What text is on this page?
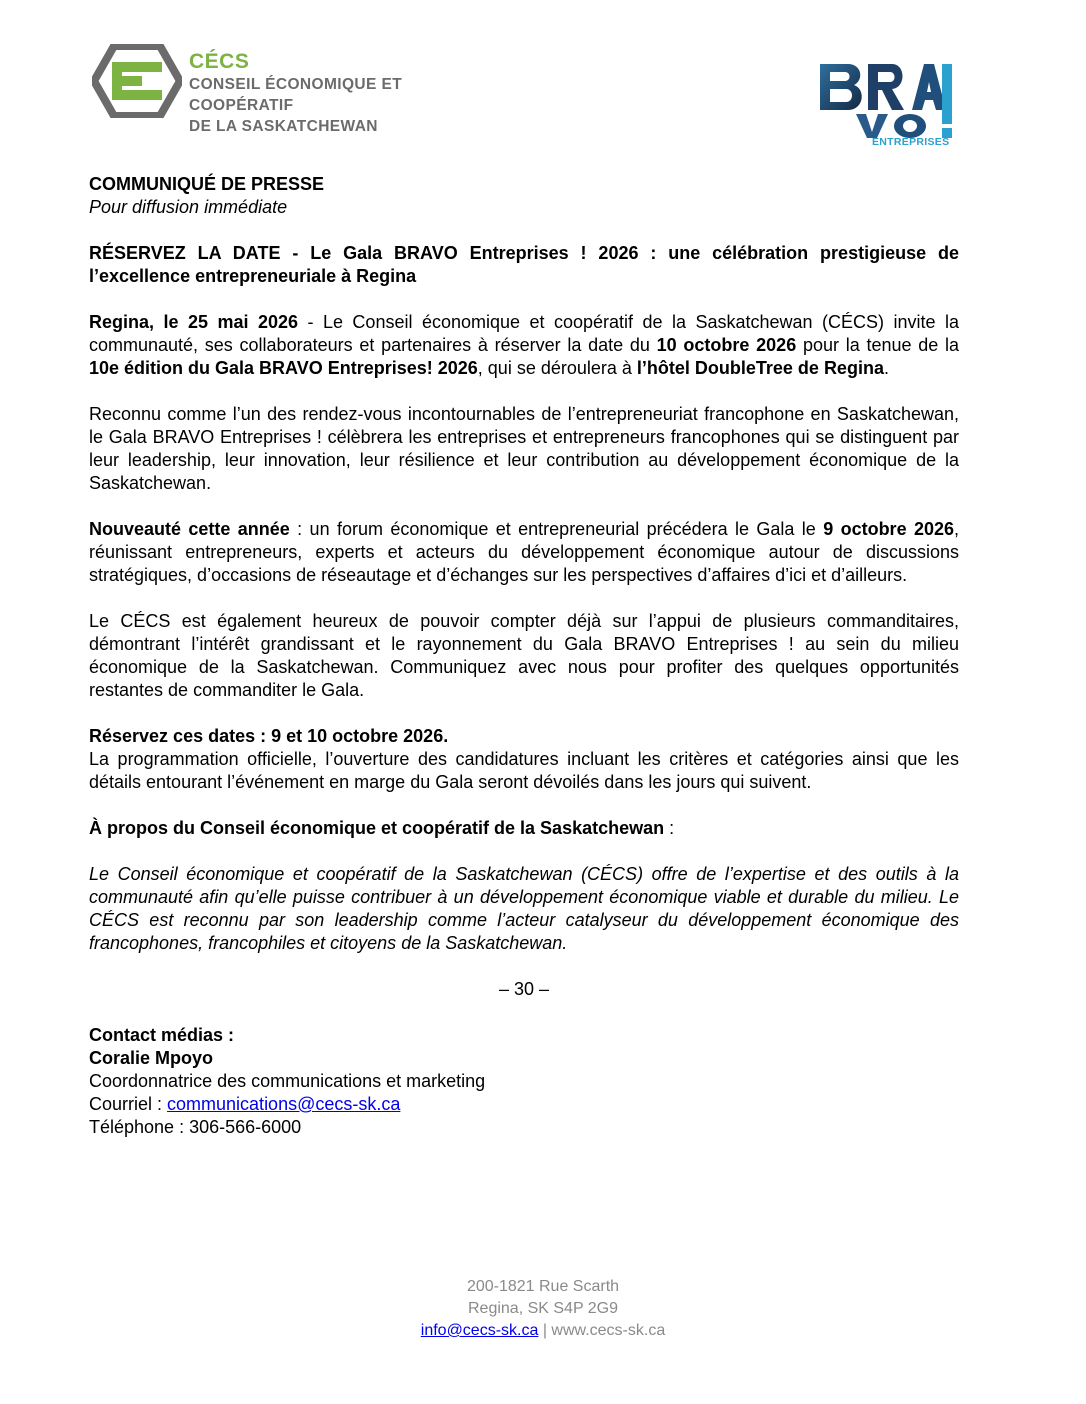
CÉCS
CONSEIL ÉCONOMIQUE ET COOPÉRATIF
DE LA SASKATCHEWAN
ENTREPRISES

COMMUNIQUÉ DE PRESSE

Pour diffusion immédiate

RÉSERVEZ LA DATE - Le Gala BRAVO Entreprises ! 2026 : une célébration prestigieuse de l’excellence entrepreneuriale à Regina

Regina, le 25 mai 2026 - Le Conseil économique et coopératif de la Saskatchewan (CÉCS) invite la communauté, ses collaborateurs et partenaires à réserver la date du 10 octobre 2026 pour la tenue de la 10e édition du Gala BRAVO Entreprises! 2026, qui se déroulera à l’hôtel DoubleTree de Regina.

Reconnu comme l’un des rendez-vous incontournables de l’entrepreneuriat francophone en Saskatchewan, le Gala BRAVO Entreprises ! célèbrera les entreprises et entrepreneurs francophones qui se distinguent par leur leadership, leur innovation, leur résilience et leur contribution au développement économique de la Saskatchewan.

Nouveauté cette année : un forum économique et entrepreneurial précédera le Gala le 9 octobre 2026, réunissant entrepreneurs, experts et acteurs du développement économique autour de discussions stratégiques, d’occasions de réseautage et d’échanges sur les perspectives d’affaires d’ici et d’ailleurs.

Le CÉCS est également heureux de pouvoir compter déjà sur l’appui de plusieurs commanditaires, démontrant l’intérêt grandissant et le rayonnement du Gala BRAVO Entreprises ! au sein du milieu économique de la Saskatchewan. Communiquez avec nous pour profiter des quelques opportunités restantes de commanditer le Gala.

Réservez ces dates : 9 et 10 octobre 2026.

La programmation officielle, l’ouverture des candidatures incluant les critères et catégories ainsi que les détails entourant l’événement en marge du Gala seront dévoilés dans les jours qui suivent.

À propos du Conseil économique et coopératif de la Saskatchewan :

Le Conseil économique et coopératif de la Saskatchewan (CÉCS) offre de l’expertise et des outils à la communauté afin qu’elle puisse contribuer à un développement économique viable et durable du milieu. Le CÉCS est reconnu par son leadership comme l’acteur catalyseur du développement économique des francophones, francophiles et citoyens de la Saskatchewan.

– 30 –

Contact médias :

Coralie Mpoyo

Coordonnatrice des communications et marketing

Courriel : communications@cecs-sk.ca

Téléphone : 306-566-6000

200-1821 Rue Scarth
Regina, SK S4P 2G9
info@cecs-sk.ca | www.cecs-sk.ca
